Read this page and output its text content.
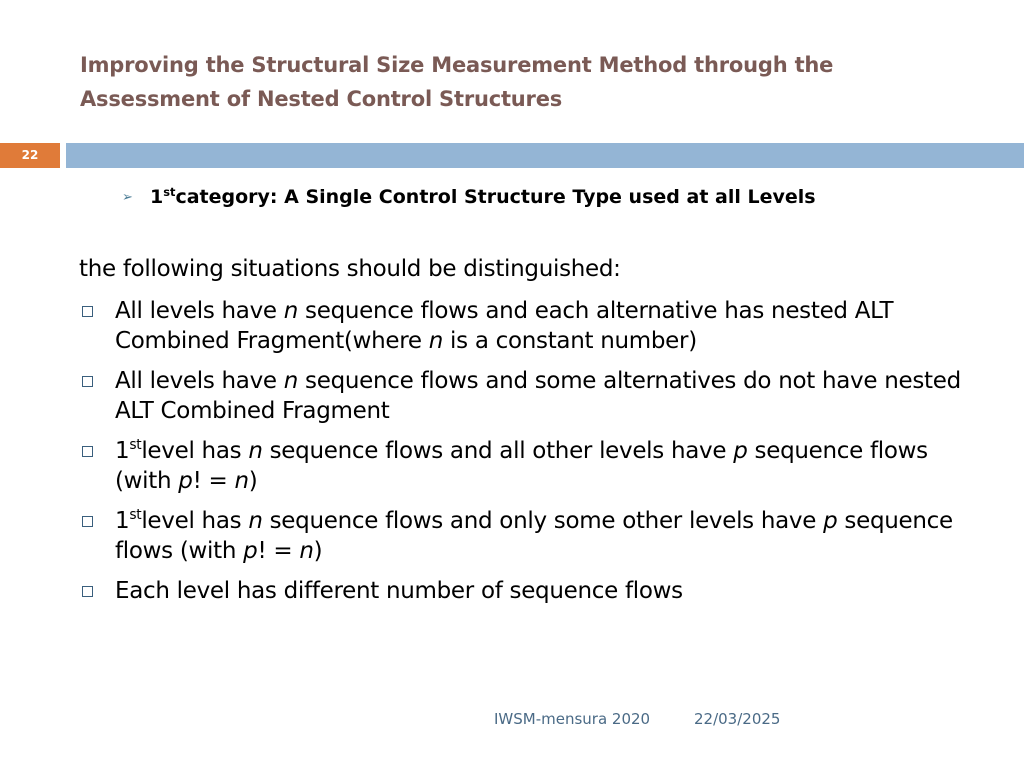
Improving the Structural Size Measurement Method through the Assessment of Nested Control Structures
22
➢ 1stcategory: A Single Control Structure Type used at all Levels
the following situations should be distinguished:
All levels have n sequence flows and each alternative has nested ALT Combined Fragment(where n is a constant number)
All levels have n sequence flows and some alternatives do not have nested ALT Combined Fragment
1stlevel has n sequence flows and all other levels have p sequence flows (with p! = n)
1stlevel has n sequence flows and only some other levels have p sequence flows (with p! = n)
Each level has different number of sequence flows
IWSM-mensura 2020	22/03/2025
